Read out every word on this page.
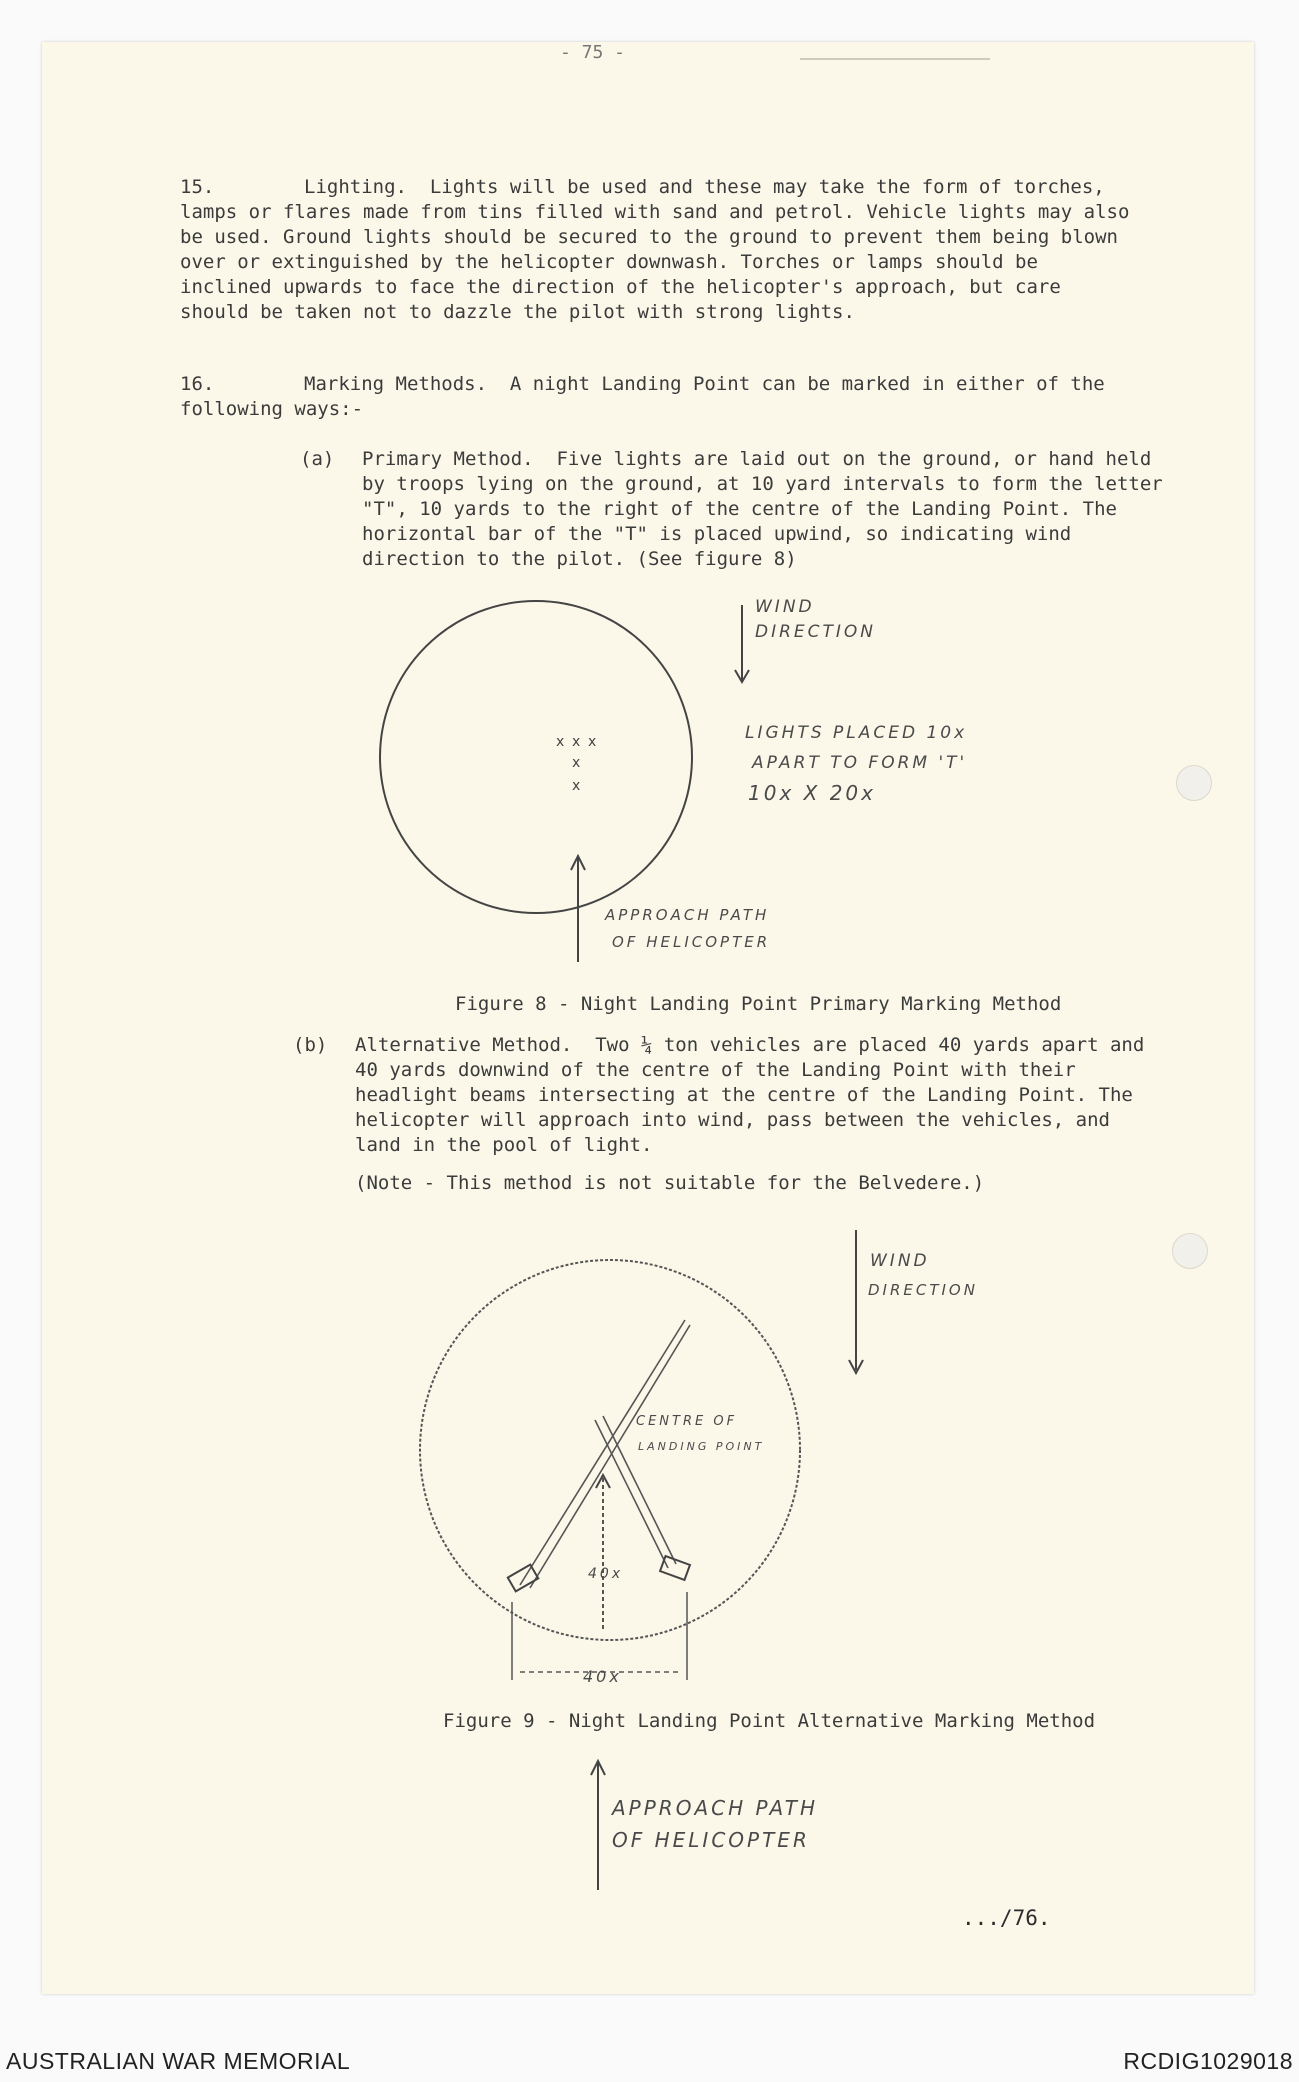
- 75 -

15.	Lighting. Lights will be used and these may take the form of torches, lamps or flares made from tins filled with sand and petrol. Vehicle lights may also be used. Ground lights should be secured to the ground to prevent them being blown over or extinguished by the helicopter downwash. Torches or lamps should be inclined upwards to face the direction of the helicopter's approach, but care should be taken not to dazzle the pilot with strong lights.

16.	Marking Methods. A night Landing Point can be marked in either of the following ways:-

(a) Primary Method. Five lights are laid out on the ground, or hand held by troops lying on the ground, at 10 yard intervals to form the letter "T", 10 yards to the right of the centre of the Landing Point. The horizontal bar of the "T" is placed upwind, so indicating wind direction to the pilot. (See figure 8)

x x x
x
x
WIND
DIRECTION
LIGHTS PLACED 10x
APART TO FORM 'T'
10x X 20x
APPROACH PATH
OF HELICOPTER
Figure 8 - Night Landing Point Primary Marking Method

(b) Alternative Method. Two ¼ ton vehicles are placed 40 yards apart and 40 yards downwind of the centre of the Landing Point with their headlight beams intersecting at the centre of the Landing Point. The helicopter will approach into wind, pass between the vehicles, and land in the pool of light.

(Note - This method is not suitable for the Belvedere.)
WIND
DIRECTION
CENTRE OF
LANDING POINT
40x
40x
Figure 9 - Night Landing Point Alternative Marking Method
APPROACH PATH
OF HELICOPTER
.../76.
AUSTRALIAN WAR MEMORIAL	RCDIG1029018
